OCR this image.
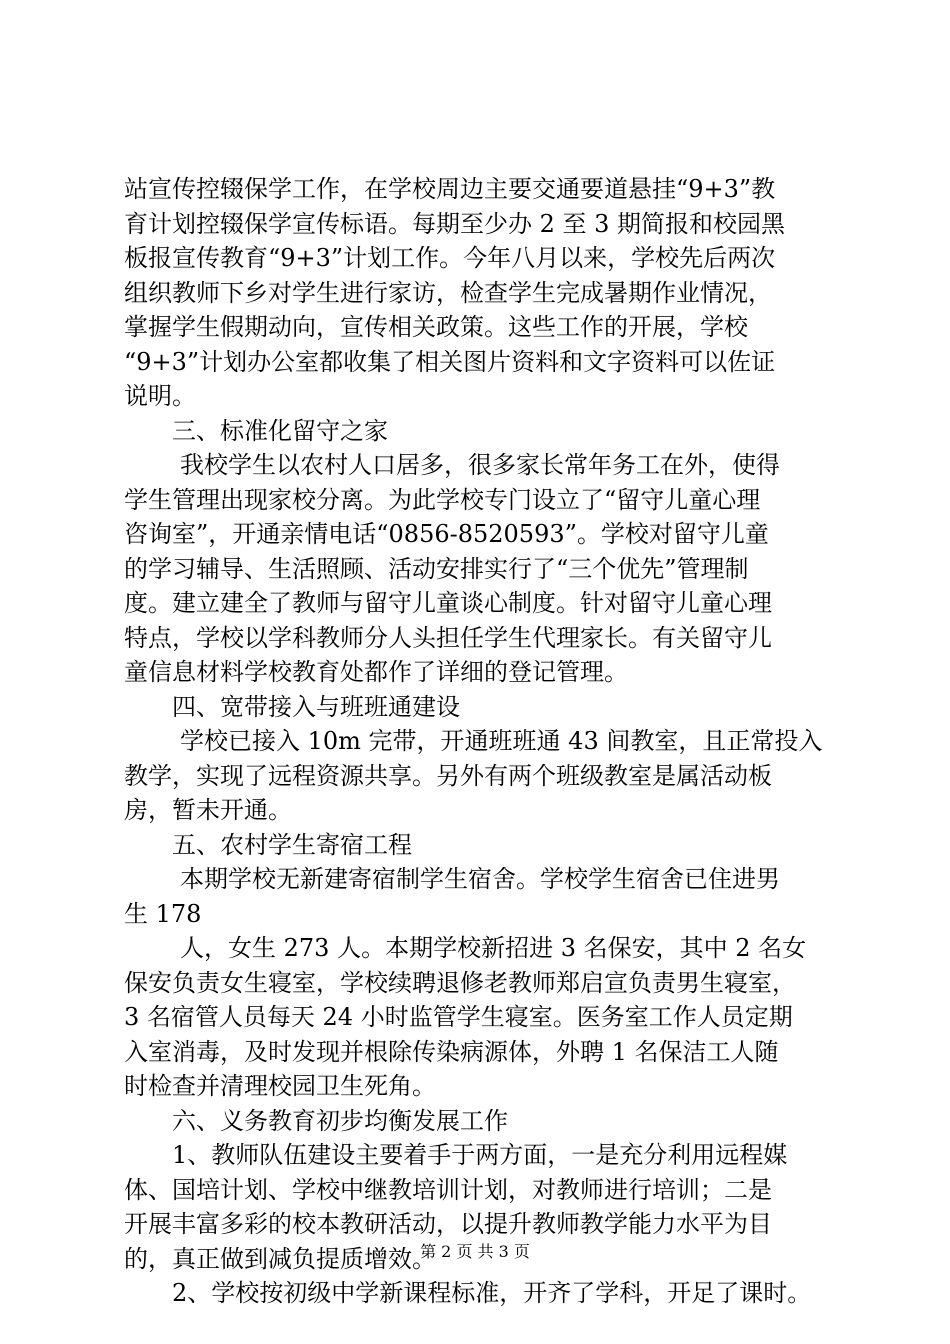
站宣传控辍保学工作，在学校周边主要交通要道悬挂“9+3”教
育计划控辍保学宣传标语。每期至少办 2 至 3 期简报和校园黑
板报宣传教育“9+3”计划工作。今年八月以来，学校先后两次
组织教师下乡对学生进行家访，检查学生完成暑期作业情况，
掌握学生假期动向，宣传相关政策。这些工作的开展，学校
“9+3”计划办公室都收集了相关图片资料和文字资料可以佐证
说明。
三、标准化留守之家
我校学生以农村人口居多，很多家长常年务工在外，使得
学生管理出现家校分离。为此学校专门设立了“留守儿童心理
咨询室”，开通亲情电话“0856-8520593”。学校对留守儿童
的学习辅导、生活照顾、活动安排实行了“三个优先”管理制
度。建立建全了教师与留守儿童谈心制度。针对留守儿童心理
特点，学校以学科教师分人头担任学生代理家长。有关留守儿
童信息材料学校教育处都作了详细的登记管理。
四、宽带接入与班班通建设
学校已接入 10m 完带，开通班班通 43 间教室，且正常投入
教学，实现了远程资源共享。另外有两个班级教室是属活动板
房，暂未开通。
五、农村学生寄宿工程
本期学校无新建寄宿制学生宿舍。学校学生宿舍已住进男
生 178
人，女生 273 人。本期学校新招进 3 名保安，其中 2 名女
保安负责女生寝室，学校续聘退修老教师郑启宣负责男生寝室，
3 名宿管人员每天 24 小时监管学生寝室。医务室工作人员定期
入室消毒，及时发现并根除传染病源体，外聘 1 名保洁工人随
时检查并清理校园卫生死角。
六、义务教育初步均衡发展工作
1、教师队伍建设主要着手于两方面，一是充分利用远程媒
体、国培计划、学校中继教培训计划，对教师进行培训；二是
开展丰富多彩的校本教研活动，以提升教师教学能力水平为目
的，真正做到减负提质增效。
2、学校按初级中学新课程标准，开齐了学科，开足了课时。
第 2 页 共 3 页
